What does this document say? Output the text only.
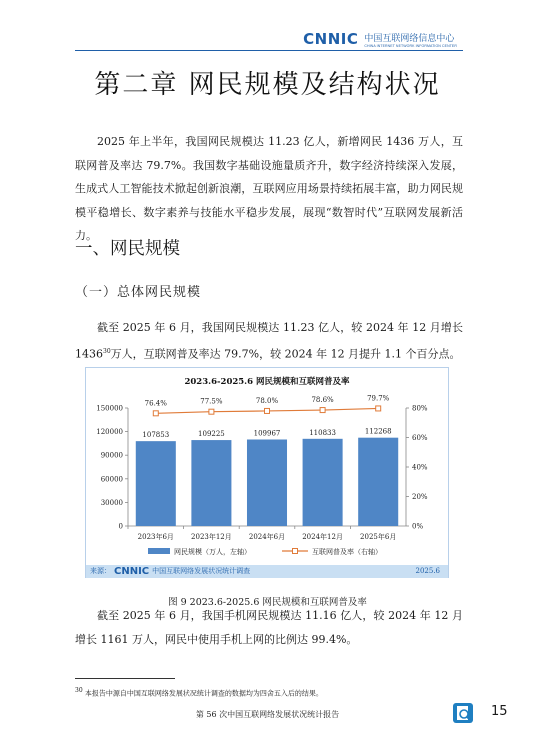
CNNIC 中国互联网络信息中心
CHINA INTERNET NETWORK INFORMATION CENTER
第二章 网民规模及结构状况

2025 年上半年，我国网民规模达 11.23 亿人，新增网民 1436 万人，互联网普及率达 79.7%。我国数字基础设施量质齐升，数字经济持续深入发展，生成式人工智能技术掀起创新浪潮，互联网应用场景持续拓展丰富，助力网民规模平稳增长、数字素养与技能水平稳步发展，展现“数智时代”互联网发展新活力。

一、网民规模
（一）总体网民规模

截至 2025 年 6 月，我国网民规模达 11.23 亿人，较 2024 年 12 月增长 1436$^{30}$万人，互联网普及率达 79.7%，较 2024 年 12 月提升 1.1 个百分点。

2023.6-2025.6 网民规模和互联网普及率
0
30000
60000
90000
120000
150000
0%
20%
40%
60%
80%
107853
2023年6月
109225
2023年12月
109967
2024年6月
110833
2024年12月
112268
2025年6月
76.4%	77.5%	78.0%	78.6%	79.7%
网民规模（万人，左轴）	互联网普及率（右轴）
来源： CNNIC 中国互联网络发展状况统计调查	2025.6
图 9 2023.6-2025.6 网民规模和互联网普及率

截至 2025 年 6 月，我国手机网民规模达 11.16 亿人，较 2024 年 12 月增长 1161 万人，网民中使用手机上网的比例达 99.4%。

$^{30}$ 本报告中源自中国互联网络发展状况统计调查的数据均为四舍五入后的结果。
第 56 次中国互联网络发展状况统计报告	15
